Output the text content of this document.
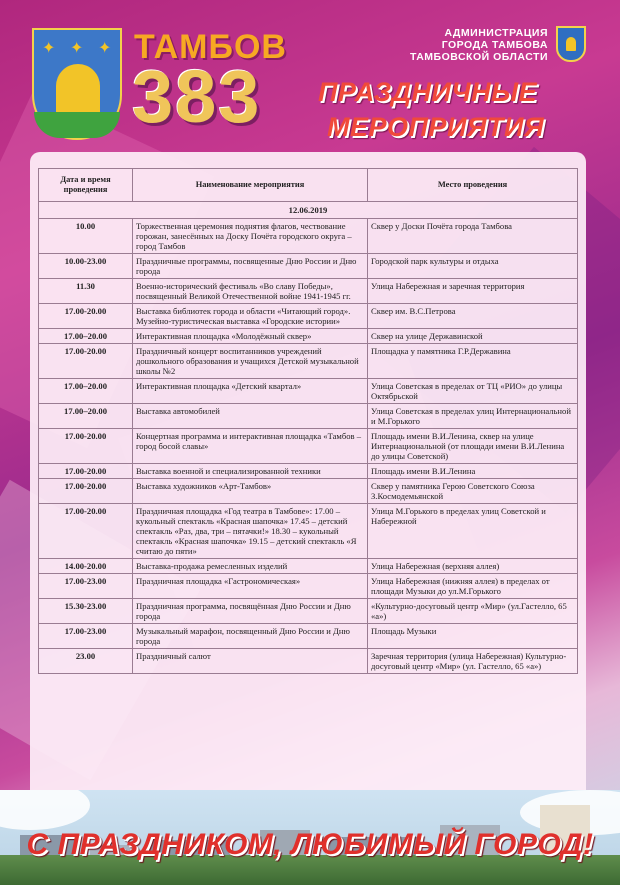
✦ ✦ ✦ ТАМБОВ
383
АДМИНИСТРАЦИЯ
ГОРОДА ТАМБОВА
ТАМБОВСКОЙ ОБЛАСТИ
ПРАЗДНИЧНЫЕ
МЕРОПРИЯТИЯ
Дата и время проведения	Наименование мероприятия	Место проведения
12.06.2019		
10.00	Торжественная церемония поднятия флагов, чествование горожан, занесённых на Доску Почёта городского округа – город Тамбов	Сквер у Доски Почёта города Тамбова
10.00-23.00	Праздничные программы, посвященные Дню России и Дню города	Городской парк культуры и отдыха
11.30	Военно-исторический фестиваль «Во славу Победы», посвященный Великой Отечественной войне 1941-1945 гг.	Улица Набережная и заречная территория
17.00-20.00	Выставка библиотек города и области «Читающий город». Музейно-туристическая выставка «Городские истории»	Сквер им. В.С.Петрова
17.00–20.00	Интерактивная площадка «Молодёжный сквер»	Сквер на улице Державинской
17.00-20.00	Праздничный концерт воспитанников учреждений дошкольного образования и учащихся Детской музыкальной школы №2	Площадка у памятника Г.Р.Державина
17.00–20.00	Интерактивная площадка «Детский квартал»	Улица Советская в пределах от ТЦ «РИО» до улицы Октябрьской
17.00–20.00	Выставка автомобилей	Улица Советская в пределах улиц Интернациональной и М.Горького
17.00-20.00	Концертная программа и интерактивная площадка «Тамбов – город босой славы»	Площадь имени В.И.Ленина, сквер на улице Интернациональной (от площади имени В.И.Ленина до улицы Советской)
17.00-20.00	Выставка военной и специализированной техники	Площадь имени В.И.Ленина
17.00-20.00	Выставка художников «Арт-Тамбов»	Сквер у памятника Герою Советского Союза З.Космодемьянской
17.00-20.00	Праздничная площадка «Год театра в Тамбове»: 17.00 – кукольный спектакль «Красная шапочка» 17.45 – детский спектакль «Раз, два, три – пятачки!» 18.30 – кукольный спектакль «Красная шапочка» 19.15 – детский спектакль «Я считаю до пяти»	Улица М.Горького в пределах улиц Советской и Набережной
14.00-20.00	Выставка-продажа ремесленных изделий	Улица Набережная (верхняя аллея)
17.00-23.00	Праздничная площадка «Гастрономическая»	Улица Набережная (нижняя аллея) в пределах от площади Музыки до ул.М.Горького
15.30-23.00	Праздничная программа, посвящённая Дню России и Дню города	«Культурно-досуговый центр «Мир» (ул.Гастелло, 65 «а»)
17.00-23.00	Музыкальный марафон, посвященный Дню России и Дню города	Площадь Музыки
23.00	Праздничный салют	Заречная территория (улица Набережная) Культурно-досуговый центр «Мир» (ул. Гастелло, 65 «а»)
С ПРАЗДНИКОМ, ЛЮБИМЫЙ ГОРОД!
